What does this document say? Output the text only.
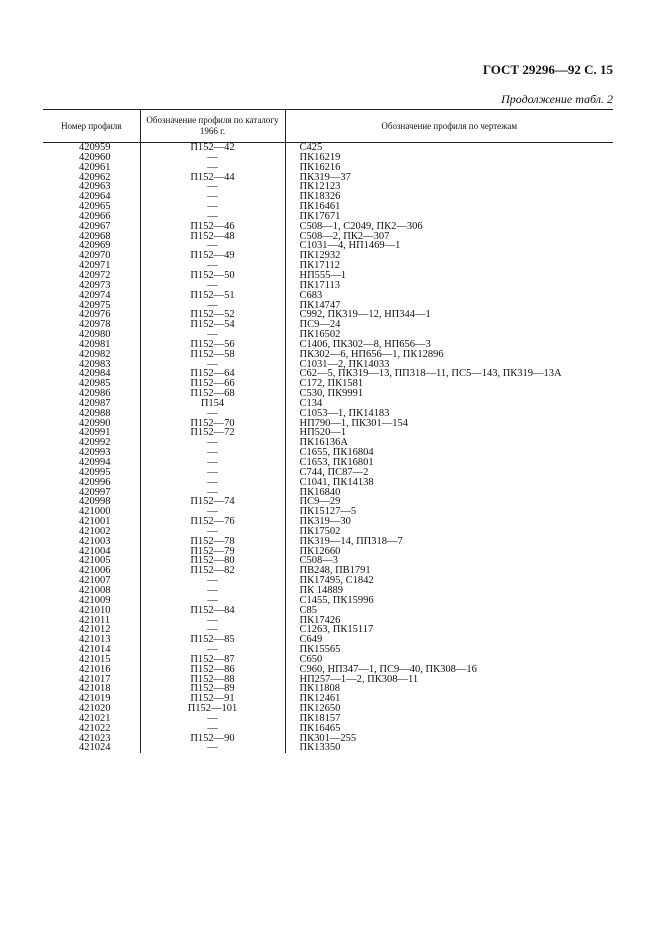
ГОСТ 29296—92 С. 15
Продолжение табл. 2
Номер профиля	Обозначение профиля по каталогу 1966 г.	Обозначение профиля по чертежам
420959	П152—42	С425
420960	—	ПК16219
420961	—	ПК16216
420962	П152—44	ПК319—37
420963	—	ПК12123
420964	—	ПК18326
420965	—	ПК16461
420966	—	ПК17671
420967	П152—46	С508—1, С2049, ПК2—306
420968	П152—48	С508—2, ПК2—307
420969	—	С1031—4, НП1469—1
420970	П152—49	ПК12932
420971	—	ПК17112
420972	П152—50	НП555—1
420973	—	ПК17113
420974	П152—51	С683
420975	—	ПК14747
420976	П152—52	С992, ПК319—12, НП344—1
420978	П152—54	ПС9—24
420980	—	ПК16502
420981	П152—56	С1406, ПК302—8, НП656—3
420982	П152—58	ПК302—6, НП656—1, ПК12896
420983	—	С1031—2, ПК14033
420984	П152—64	С62—5, ПК319—13, ПП318—11, ПС5—143, ПК319—13А
420985	П152—66	С172, ПК1581
420986	П152—68	С530, ПК9991
420987	П154	С134
420988	—	С1053—1, ПК14183
420990	П152—70	НП790—1, ПК301—154
420991	П152—72	НП520—1
420992	—	ПК16136А
420993	—	С1655, ПК16804
420994	—	С1653, ПК16801
420995	—	С744, ПС87—2
420996	—	С1041, ПК14138
420997	—	ПК16840
420998	П152—74	ПС9—29
421000	—	ПК15127—5
421001	П152—76	ПК319—30
421002	—	ПК17502
421003	П152—78	ПК319—14, ПП318—7
421004	П152—79	ПК12660
421005	П152—80	С508—3
421006	П152—82	ПВ248, ПВ1791
421007	—	ПК17495, С1842
421008	—	ПК 14889
421009	—	С1455, ПК15996
421010	П152—84	С85
421011	—	ПК17426
421012	—	С1263, ПК15117
421013	П152—85	С649
421014	—	ПК15565
421015	П152—87	С650
421016	П152—86	С960, НП347—1, ПС9—40, ПК308—16
421017	П152—88	НП257—1—2, ПК308—11
421018	П152—89	ПК11808
421019	П152—91	ПК12461
421020	П152—101	ПК12650
421021	—	ПК18157
421022	—	ПК16465
421023	П152—90	ПК301—255
421024	—	ПК13350
